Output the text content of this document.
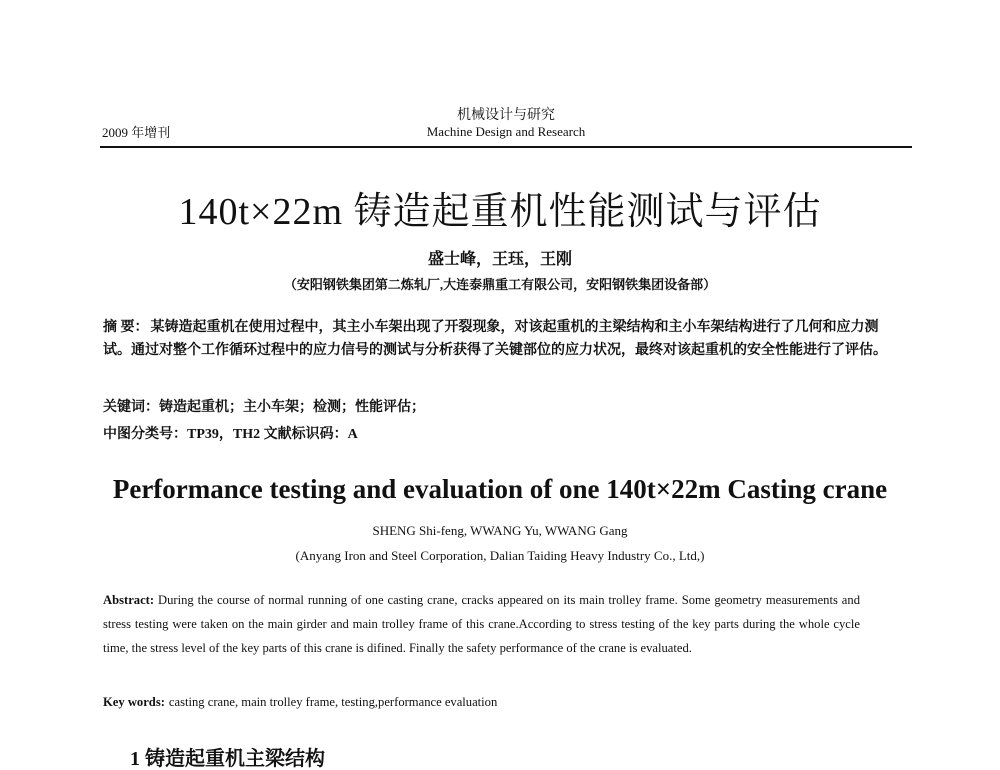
2009 年增刊
机械设计与研究
Machine Design and Research
140t×22m 铸造起重机性能测试与评估
盛士峰，王珏，王刚
（安阳钢铁集团第二炼轧厂,大连泰鼎重工有限公司，安阳钢铁集团设备部）
摘 要： 某铸造起重机在使用过程中，其主小车架出现了开裂现象，对该起重机的主梁结构和主小车架结构进行了几何和应力测试。通过对整个工作循环过程中的应力信号的测试与分析获得了关键部位的应力状况，最终对该起重机的安全性能进行了评估。
关键词：铸造起重机；主小车架；检测；性能评估；
中图分类号：TP39，TH2 文献标识码：A
Performance testing and evaluation of one 140t×22m Casting crane
SHENG Shi-feng, WWANG Yu, WWANG Gang
(Anyang Iron and Steel Corporation, Dalian Taiding Heavy Industry Co., Ltd,)
Abstract: During the course of normal running of one casting crane, cracks appeared on its main trolley frame. Some geometry measurements and stress testing were taken on the main girder and main trolley frame of this crane.According to stress testing of the key parts during the whole cycle time, the stress level of the key parts of this crane is difined. Finally the safety performance of the crane is evaluated.
Key words: casting crane, main trolley frame, testing,performance evaluation
1 铸造起重机主梁结构
